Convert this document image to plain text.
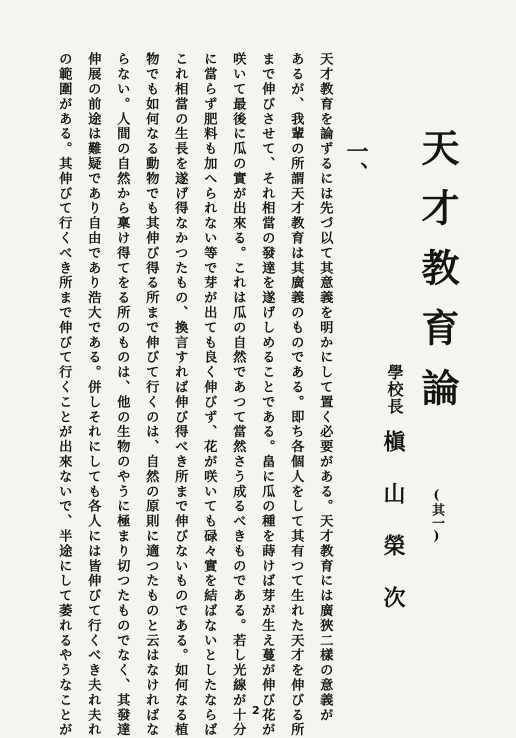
天才教育論
(其一)
學校長
槇山榮次
一、
天才教育を論ずるには先づ以て其意義を明かにして置く必要がある。天才教育には廣狹二樣の意義が
あるが、我輩の所謂天才教育は其廣義のものである。即ち各個人をして其有つて生れた天才を伸びる所
まで伸びさせて、それ相當の發達を遂げしめることである。畠に瓜の種を蒔けば芽が生え蔓が伸び花が
咲いて最後に瓜の實が出來る。これは瓜の自然であつて當然さう成るべきものである。若し光線が十分
に當らず肥料も加へられない等で芽が出ても良く伸びず、花が咲いても碌々實を結ばないとしたならば
これ相當の生長を遂げ得なかつたもの、換言すれば伸び得べき所まで伸びないものである。如何なる植
物でも如何なる動物でも其伸び得る所まで伸びて行くのは、自然の原則に適つたものと云はなければな
らない。人間の自然から稟け得てをる所のものは、他の生物のやうに極まり切つたものでなく、其發達
伸展の前途は難疑であり自由であり浩大である。併しそれにしても各人には皆伸びて行くべき夫れ夫れ
の範圍がある。其伸びて行くべき所まで伸びて行くことが出來ないで、半途にして萎れるやうなことが	2
